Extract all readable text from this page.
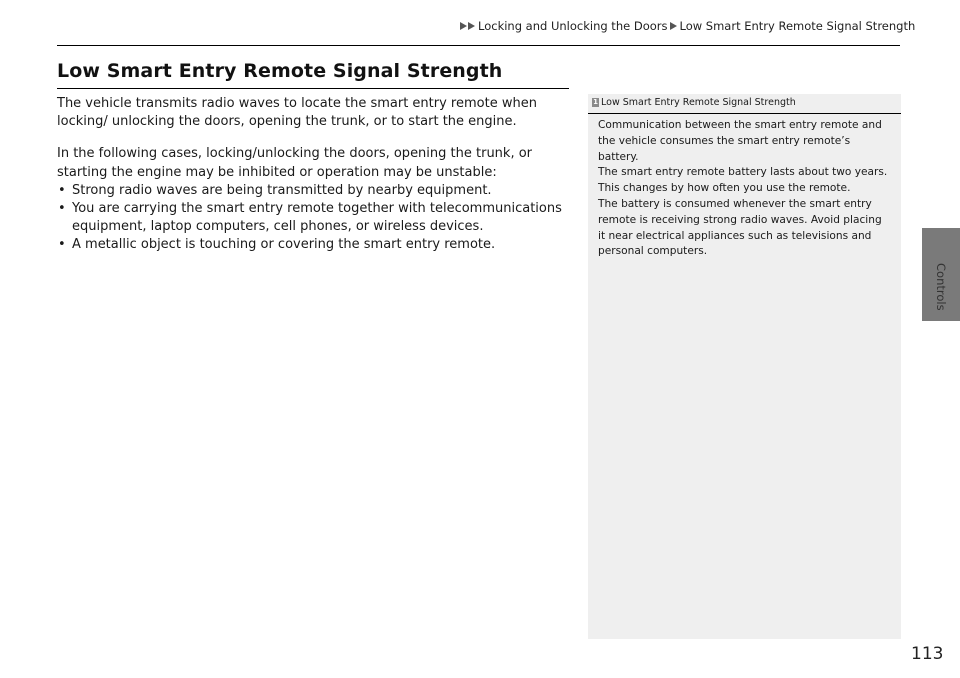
Locking and Unlocking the Doors Low Smart Entry Remote Signal Strength
Low Smart Entry Remote Signal Strength

The vehicle transmits radio waves to locate the smart entry remote when locking/ unlocking the doors, opening the trunk, or to start the engine.

In the following cases, locking/unlocking the doors, opening the trunk, or starting the engine may be inhibited or operation may be unstable:

• Strong radio waves are being transmitted by nearby equipment.
• You are carrying the smart entry remote together with telecommunications equipment, laptop computers, cell phones, or wireless devices.
• A metallic object is touching or covering the smart entry remote.
1 Low Smart Entry Remote Signal Strength

Communication between the smart entry remote and the vehicle consumes the smart entry remote’s battery.

The smart entry remote battery lasts about two years. This changes by how often you use the remote.

The battery is consumed whenever the smart entry remote is receiving strong radio waves. Avoid placing it near electrical appliances such as televisions and personal computers.

Controls
113
